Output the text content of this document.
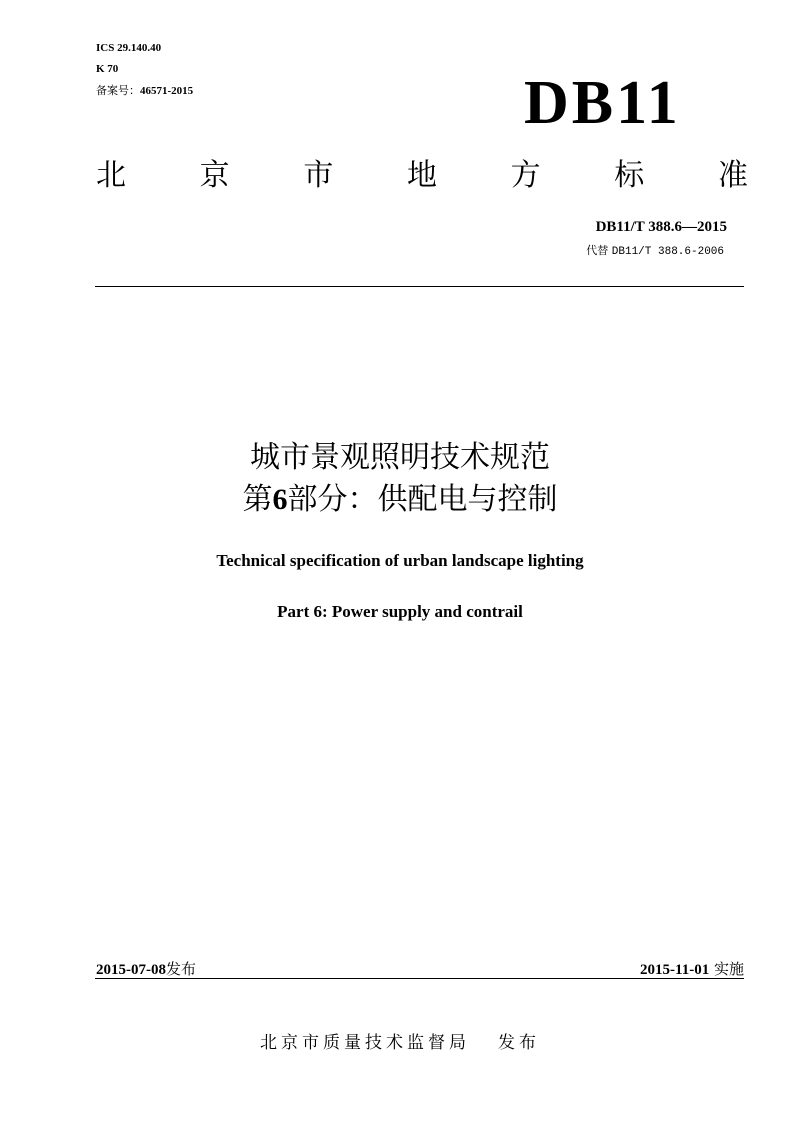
ICS 29.140.40
K 70
备案号：46571-2015	DB11
北 京 市 地 方 标 准
DB11/T 388.6—2015
代替 DB11/T 388.6-2006
城市景观照明技术规范
第6部分：供配电与控制
Technical specification of urban landscape lighting
Part 6: Power supply and contrail
2015-07-08发布	2015-11-01 实施
北京市质量技术监督局 发布
